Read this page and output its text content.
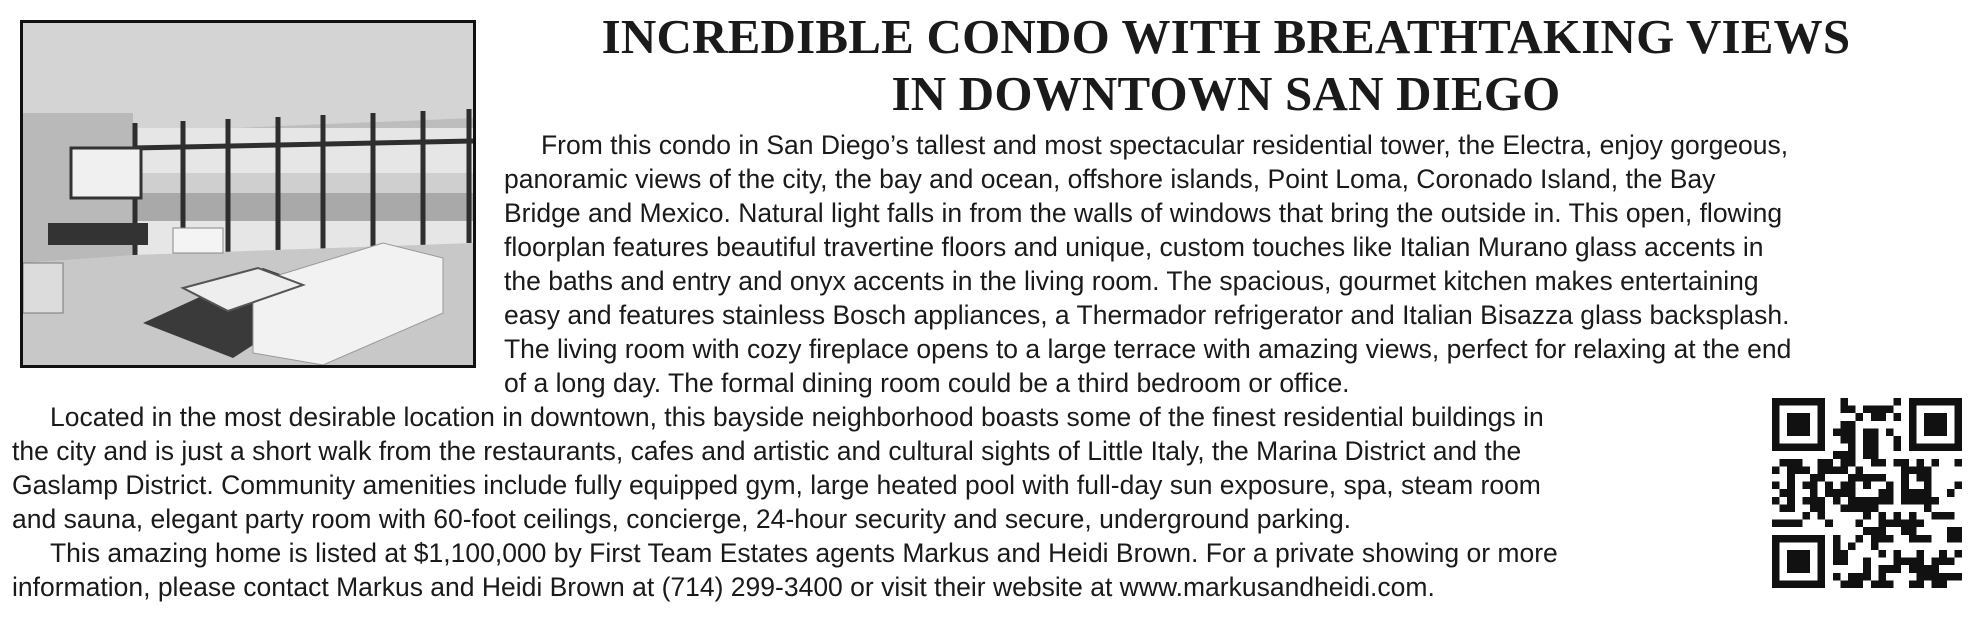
INCREDIBLE CONDO WITH BREATHTAKING VIEWS
IN DOWNTOWN SAN DIEGO
From this condo in San Diego’s tallest and most spectacular residential tower, the Electra, enjoy gorgeous,
panoramic views of the city, the bay and ocean, offshore islands, Point Loma, Coronado Island, the Bay
Bridge and Mexico. Natural light falls in from the walls of windows that bring the outside in. This open, flowing
floorplan features beautiful travertine floors and unique, custom touches like Italian Murano glass accents in
the baths and entry and onyx accents in the living room. The spacious, gourmet kitchen makes entertaining
easy and features stainless Bosch appliances, a Thermador refrigerator and Italian Bisazza glass backsplash.
The living room with cozy fireplace opens to a large terrace with amazing views, perfect for relaxing at the end
of a long day. The formal dining room could be a third bedroom or office.
Located in the most desirable location in downtown, this bayside neighborhood boasts some of the finest residential buildings in
the city and is just a short walk from the restaurants, cafes and artistic and cultural sights of Little Italy, the Marina District and the
Gaslamp District. Community amenities include fully equipped gym, large heated pool with full-day sun exposure, spa, steam room
and sauna, elegant party room with 60-foot ceilings, concierge, 24-hour security and secure, underground parking.
This amazing home is listed at $1,100,000 by First Team Estates agents Markus and Heidi Brown. For a private showing or more
information, please contact Markus and Heidi Brown at (714) 299-3400 or visit their website at www.markusandheidi.com.
